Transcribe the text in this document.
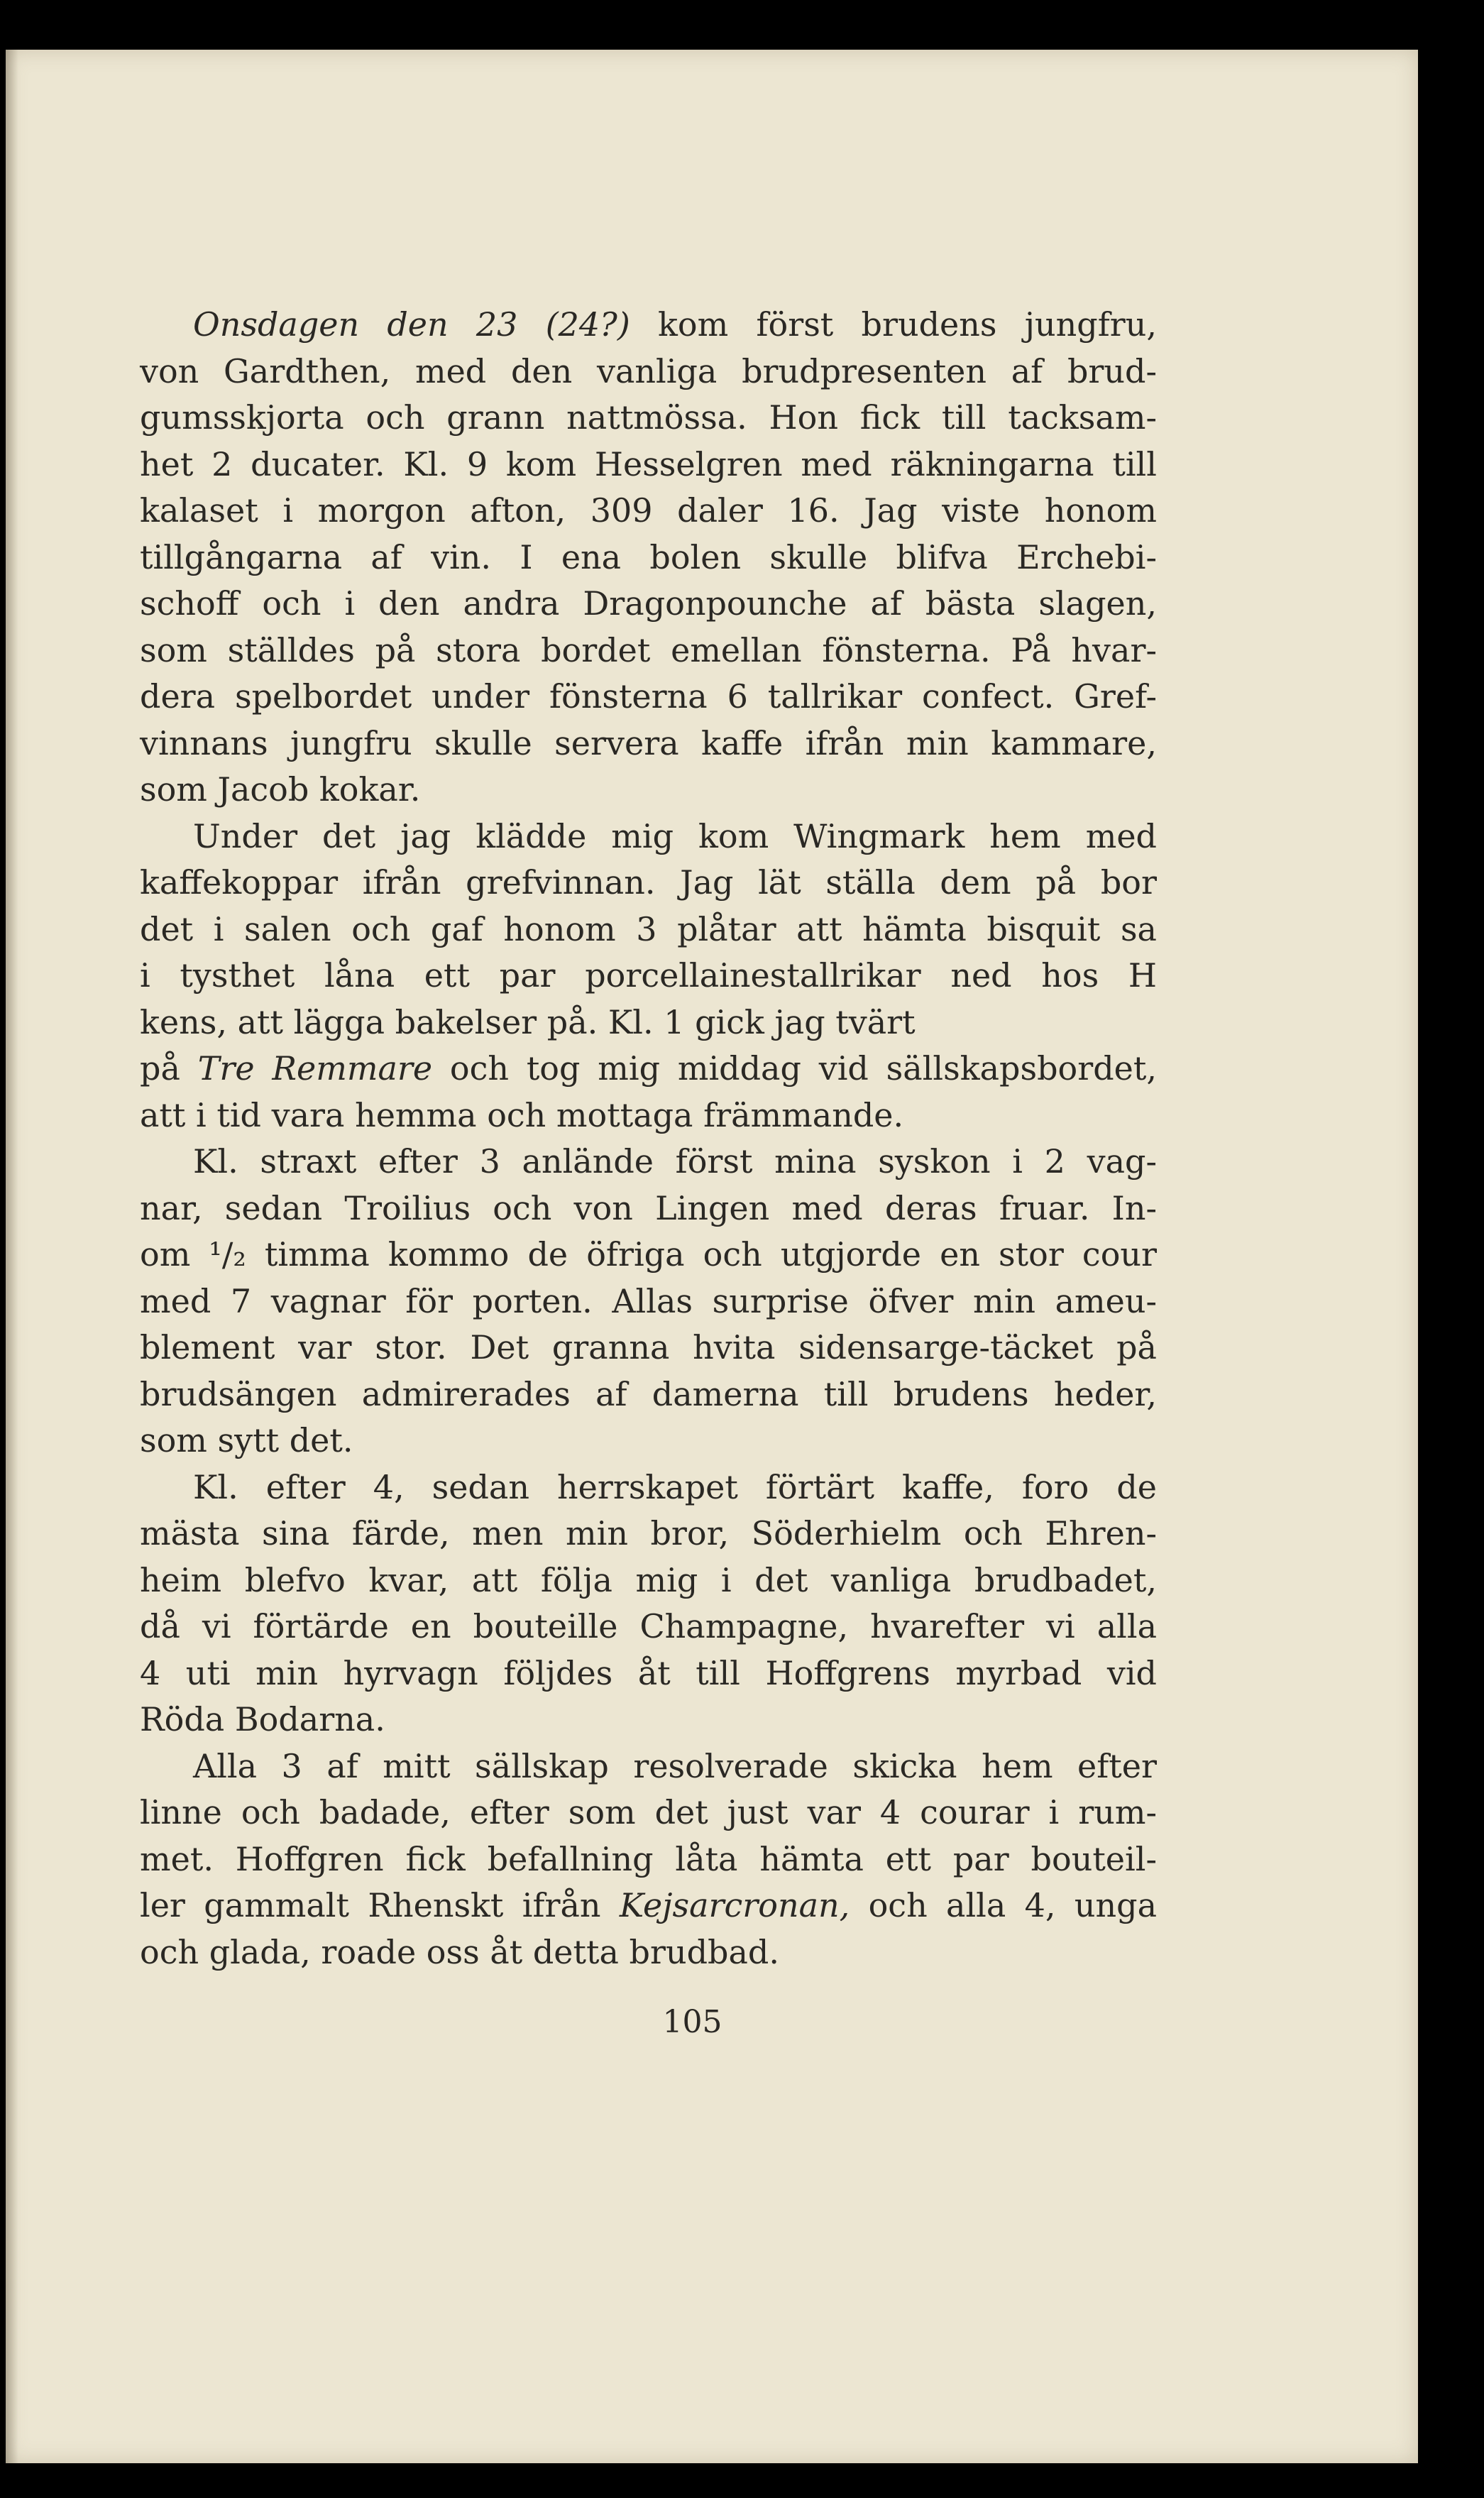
Onsdagen den 23 (24?) kom först brudens jungfru,
von Gardthen, med den vanliga brudpresenten af brud-
gumsskjorta och grann nattmössa. Hon fick till tacksam-
het 2 ducater. Kl. 9 kom Hesselgren med räkningarna till
kalaset i morgon afton, 309 daler 16. Jag viste honom
tillgångarna af vin. I ena bolen skulle blifva Erchebi-
schoff och i den andra Dragonpounche af bästa slagen,
som ställdes på stora bordet emellan fönsterna. På hvar-
dera spelbordet under fönsterna 6 tallrikar confect. Gref-
vinnans jungfru skulle servera kaffe ifrån min kammare,
som Jacob kokar.
Under det jag klädde mig kom Wingmark hem med
kaffekoppar ifrån grefvinnan. Jag lät ställa dem på bor
det i salen och gaf honom 3 plåtar att hämta bisquit sa
i tysthet låna ett par porcellainestallrikar ned hos H
kens, att lägga bakelser på. Kl. 1 gick jag tvärt
på Tre Remmare och tog mig middag vid sällskapsbordet,
att i tid vara hemma och mottaga främmande.
Kl. straxt efter 3 anlände först mina syskon i 2 vag-
nar, sedan Troilius och von Lingen med deras fruar. In-
om ¹/₂ timma kommo de öfriga och utgjorde en stor cour
med 7 vagnar för porten. Allas surprise öfver min ameu-
blement var stor. Det granna hvita sidensarge-täcket på
brudsängen admirerades af damerna till brudens heder,
som sytt det.
Kl. efter 4, sedan herrskapet förtärt kaffe, foro de
mästa sina färde, men min bror, Söderhielm och Ehren-
heim blefvo kvar, att följa mig i det vanliga brudbadet,
då vi förtärde en bouteille Champagne, hvarefter vi alla
4 uti min hyrvagn följdes åt till Hoffgrens myrbad vid
Röda Bodarna.
Alla 3 af mitt sällskap resolverade skicka hem efter
linne och badade, efter som det just var 4 courar i rum-
met. Hoffgren fick befallning låta hämta ett par bouteil-
ler gammalt Rhenskt ifrån Kejsarcronan, och alla 4, unga
och glada, roade oss åt detta brudbad.
105
